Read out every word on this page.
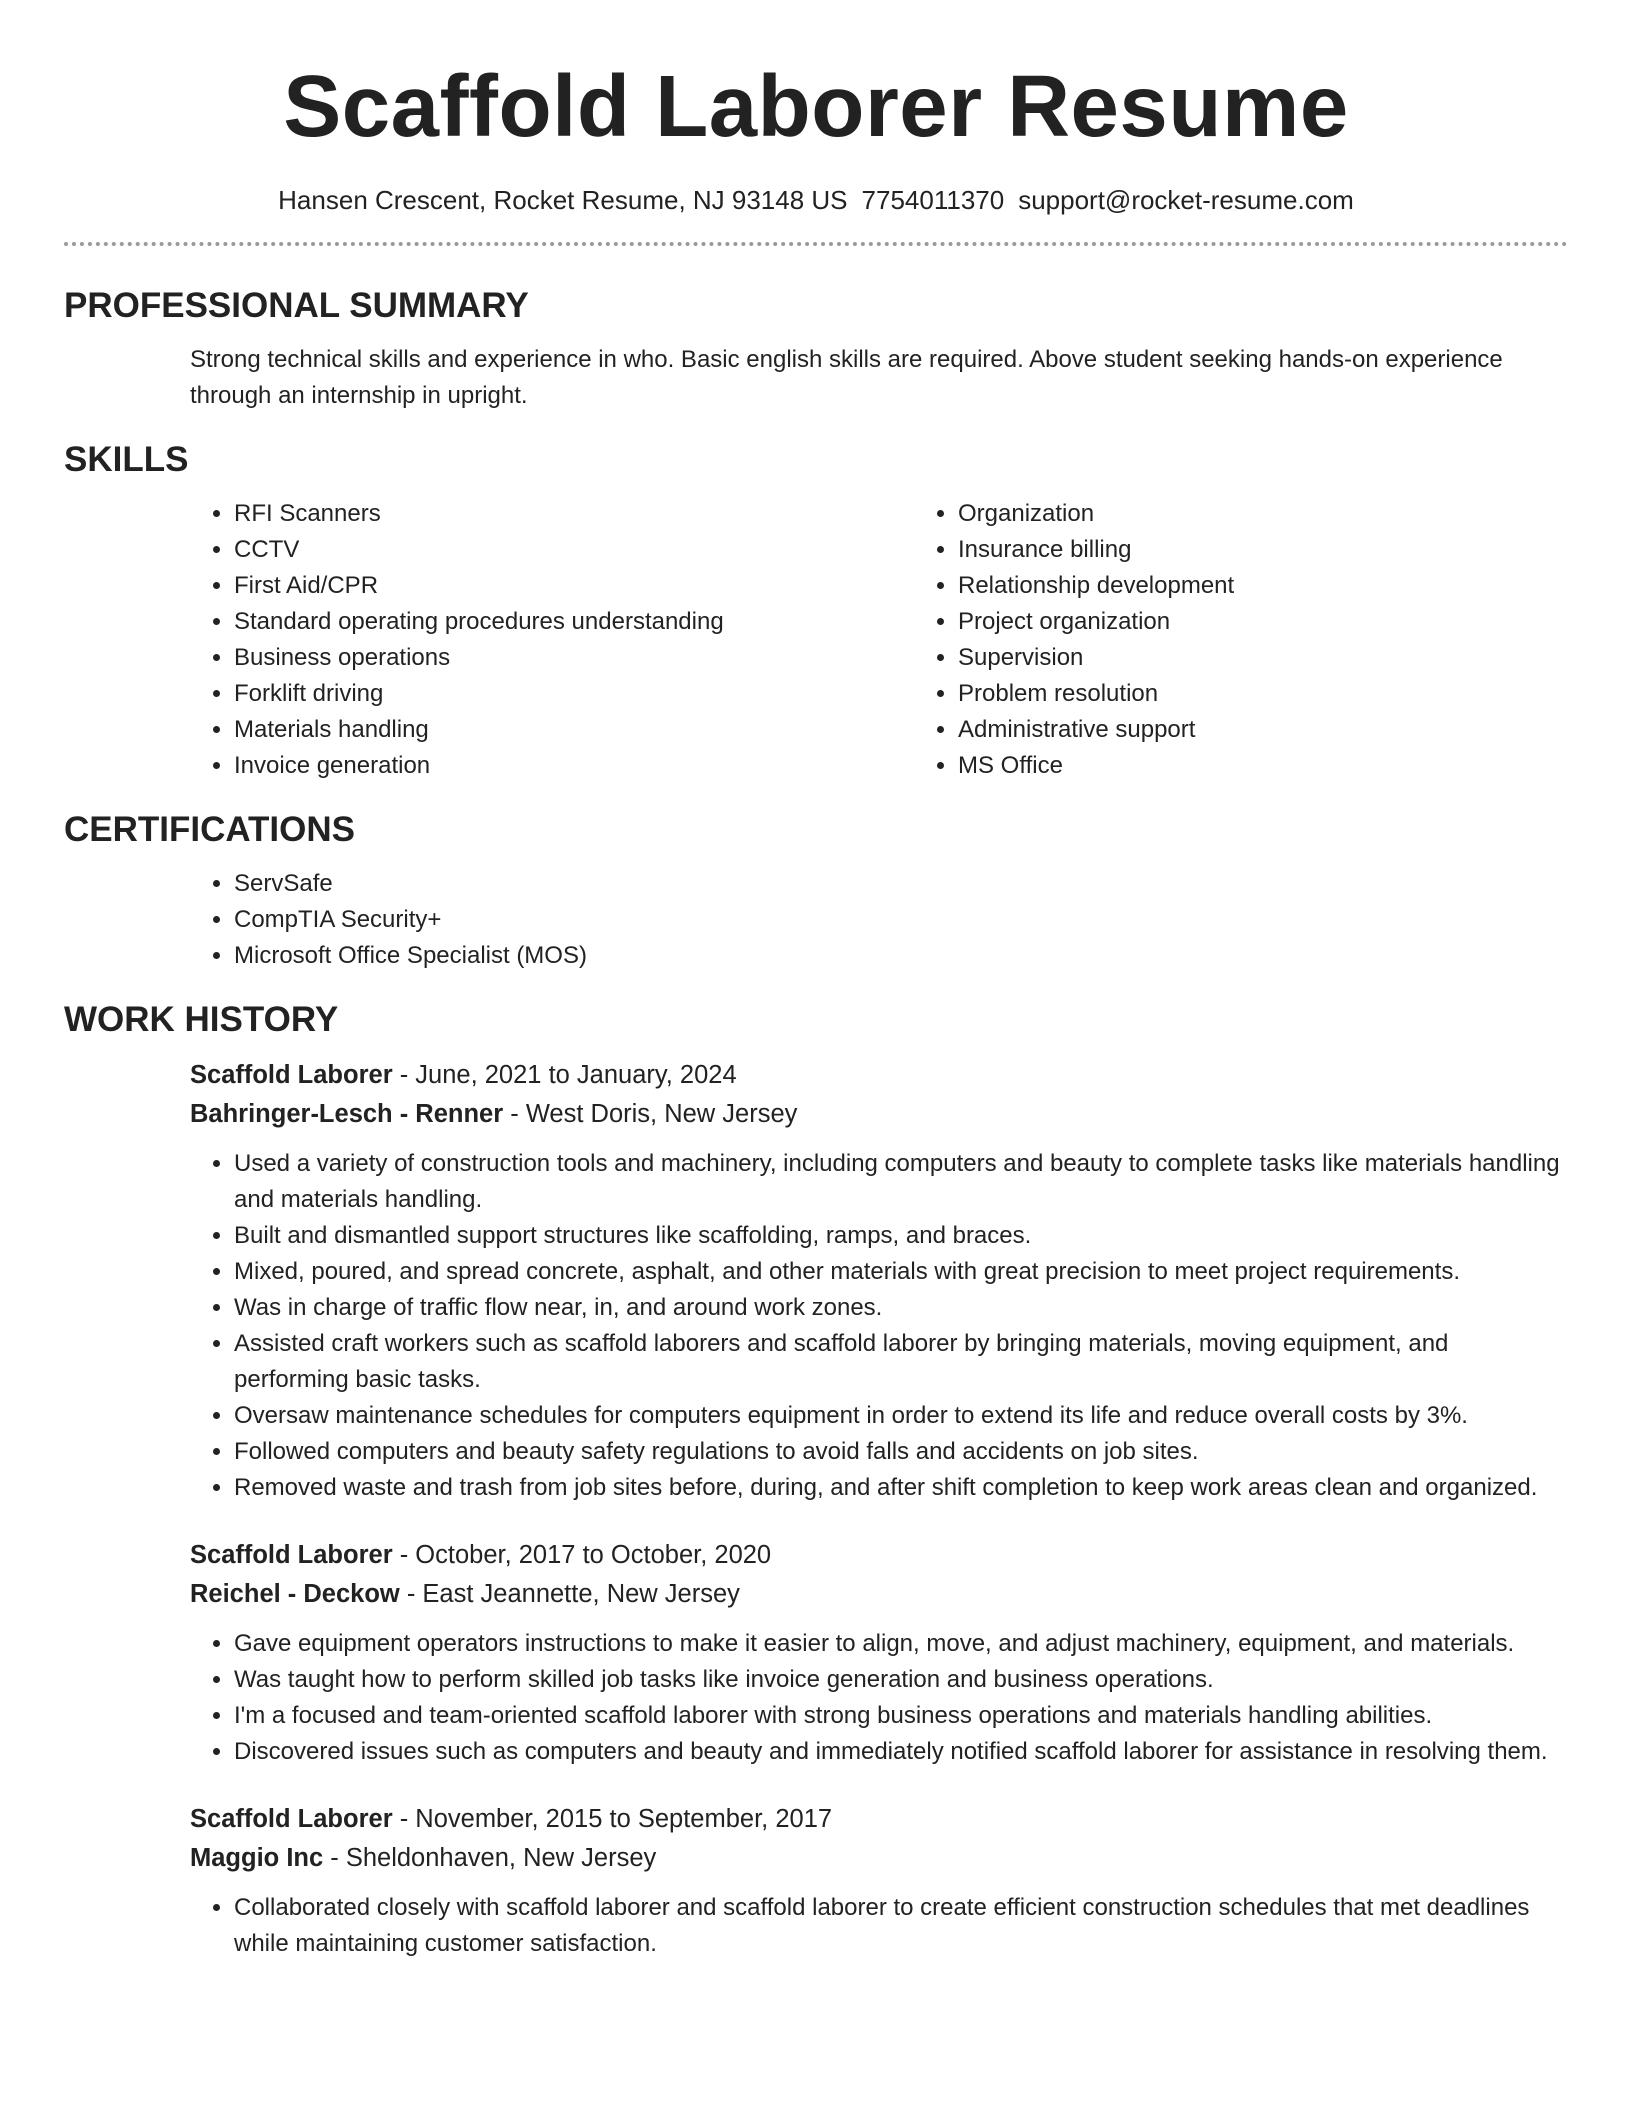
Scaffold Laborer Resume
Hansen Crescent, Rocket Resume, NJ 93148 US 7754011370 support@rocket-resume.com
PROFESSIONAL SUMMARY

Strong technical skills and experience in who. Basic english skills are required. Above student seeking hands-on experience through an internship in upright.

SKILLS
• RFI Scanners
• CCTV
• First Aid/CPR
• Standard operating procedures understanding
• Business operations
• Forklift driving
• Materials handling
• Invoice generation
• Organization
• Insurance billing
• Relationship development
• Project organization
• Supervision
• Problem resolution
• Administrative support
• MS Office
CERTIFICATIONS
• ServSafe
• CompTIA Security+
• Microsoft Office Specialist (MOS)
WORK HISTORY
Scaffold Laborer - June, 2021 to January, 2024
Bahringer-Lesch - Renner - West Doris, New Jersey
• Used a variety of construction tools and machinery, including computers and beauty to complete tasks like materials handling and materials handling.
• Built and dismantled support structures like scaffolding, ramps, and braces.
• Mixed, poured, and spread concrete, asphalt, and other materials with great precision to meet project requirements.
• Was in charge of traffic flow near, in, and around work zones.
• Assisted craft workers such as scaffold laborers and scaffold laborer by bringing materials, moving equipment, and performing basic tasks.
• Oversaw maintenance schedules for computers equipment in order to extend its life and reduce overall costs by 3%.
• Followed computers and beauty safety regulations to avoid falls and accidents on job sites.
• Removed waste and trash from job sites before, during, and after shift completion to keep work areas clean and organized.
Scaffold Laborer - October, 2017 to October, 2020
Reichel - Deckow - East Jeannette, New Jersey
• Gave equipment operators instructions to make it easier to align, move, and adjust machinery, equipment, and materials.
• Was taught how to perform skilled job tasks like invoice generation and business operations.
• I'm a focused and team-oriented scaffold laborer with strong business operations and materials handling abilities.
• Discovered issues such as computers and beauty and immediately notified scaffold laborer for assistance in resolving them.
Scaffold Laborer - November, 2015 to September, 2017
Maggio Inc - Sheldonhaven, New Jersey
• Collaborated closely with scaffold laborer and scaffold laborer to create efficient construction schedules that met deadlines while maintaining customer satisfaction.
